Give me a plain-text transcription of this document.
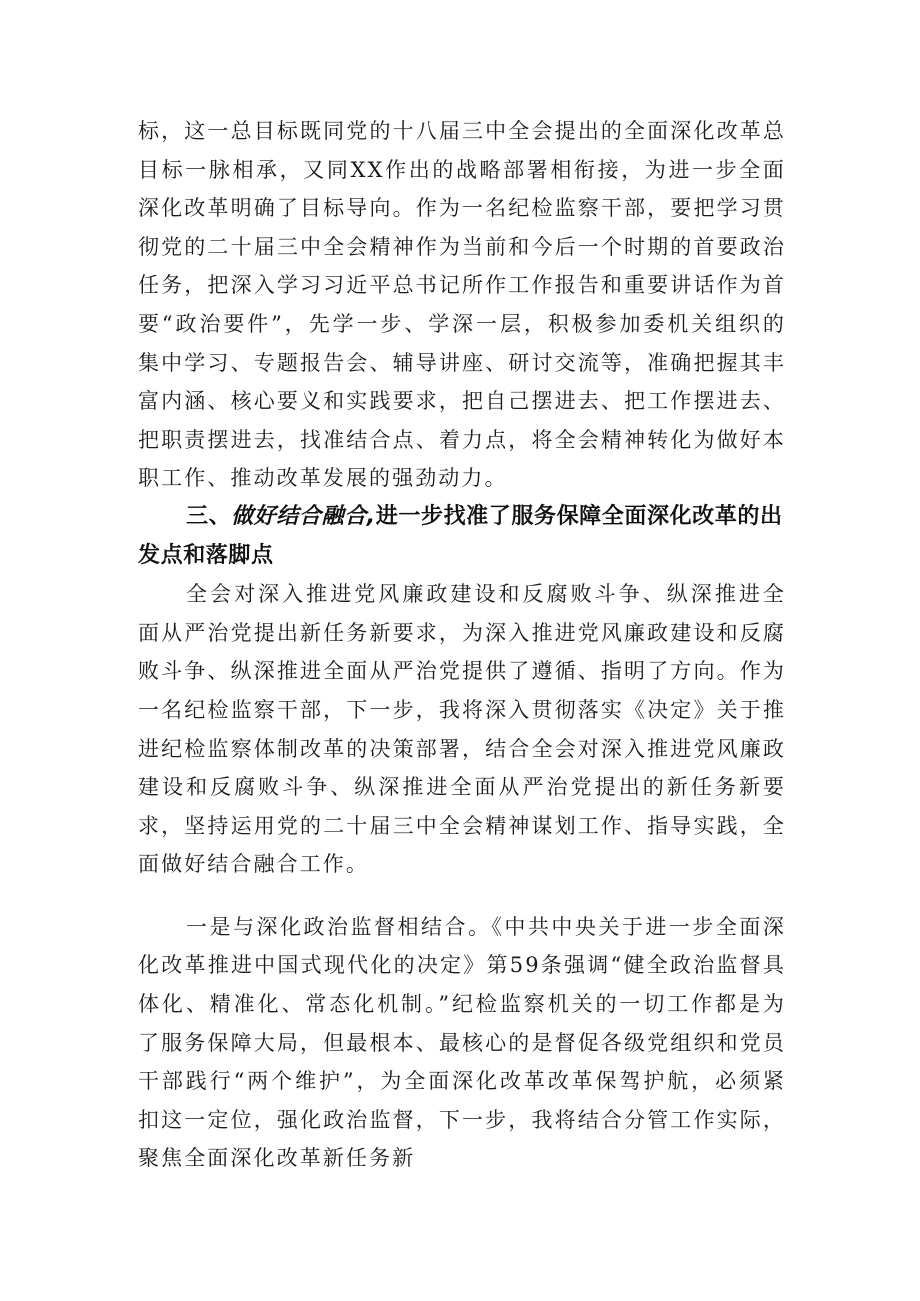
标，这一总目标既同党的十八届三中全会提出的全面深化改革总目标一脉相承，又同XX作出的战略部署相衔接，为进一步全面深化改革明确了目标导向。作为一名纪检监察干部，要把学习贯彻党的二十届三中全会精神作为当前和今后一个时期的首要政治任务，把深入学习习近平总书记所作工作报告和重要讲话作为首要“政治要件”，先学一步、学深一层，积极参加委机关组织的集中学习、专题报告会、辅导讲座、研讨交流等，准确把握其丰富内涵、核心要义和实践要求，把自己摆进去、把工作摆进去、把职责摆进去，找准结合点、着力点，将全会精神转化为做好本职工作、推动改革发展的强劲动力。

三、做好结合融合,进一步找准了服务保障全面深化改革的出发点和落脚点

全会对深入推进党风廉政建设和反腐败斗争、纵深推进全面从严治党提出新任务新要求，为深入推进党风廉政建设和反腐败斗争、纵深推进全面从严治党提供了遵循、指明了方向。作为一名纪检监察干部，下一步，我将深入贯彻落实《决定》关于推进纪检监察体制改革的决策部署，结合全会对深入推进党风廉政建设和反腐败斗争、纵深推进全面从严治党提出的新任务新要求，坚持运用党的二十届三中全会精神谋划工作、指导实践，全面做好结合融合工作。

一是与深化政治监督相结合。《中共中央关于进一步全面深化改革推进中国式现代化的决定》第59条强调“健全政治监督具体化、精准化、常态化机制。”纪检监察机关的一切工作都是为了服务保障大局，但最根本、最核心的是督促各级党组织和党员干部践行“两个维护”，为全面深化改革改革保驾护航，必须紧扣这一定位，强化政治监督，下一步，我将结合分管工作实际，聚焦全面深化改革新任务新
